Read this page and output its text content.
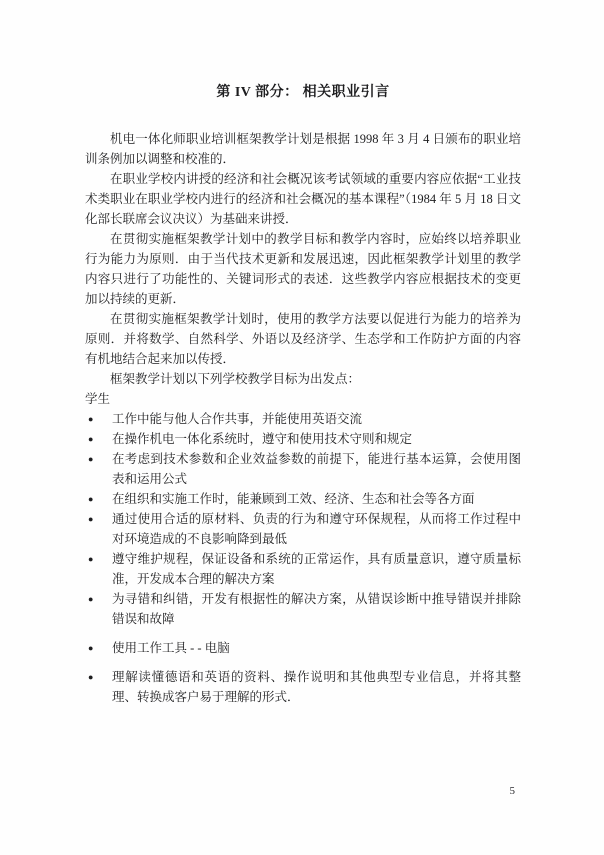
第 IV 部分： 相关职业引言

机电一体化师职业培训框架教学计划是根据 1998 年 3 月 4 日颁布的职业培训条例加以调整和校准的．

在职业学校内讲授的经济和社会概况该考试领域的重要内容应依据“工业技术类职业在职业学校内进行的经济和社会概况的基本课程”（1984 年 5 月 18 日文化部长联席会议决议）为基础来讲授．

在贯彻实施框架教学计划中的教学目标和教学内容时，应始终以培养职业行为能力为原则．由于当代技术更新和发展迅速，因此框架教学计划里的教学内容只进行了功能性的、关键词形式的表述．这些教学内容应根据技术的变更加以持续的更新．

在贯彻实施框架教学计划时，使用的教学方法要以促进行为能力的培养为原则．并将数学、自然科学、外语以及经济学、生态学和工作防护方面的内容有机地结合起来加以传授．

框架教学计划以下列学校教学目标为出发点：

学生

● 工作中能与他人合作共事，并能使用英语交流
● 在操作机电一体化系统时，遵守和使用技术守则和规定
● 在考虑到技术参数和企业效益参数的前提下，能进行基本运算，会使用图表和运用公式
● 在组织和实施工作时，能兼顾到工效、经济、生态和社会等各方面
● 通过使用合适的原材料、负责的行为和遵守环保规程，从而将工作过程中对环境造成的不良影响降到最低
● 遵守维护规程，保证设备和系统的正常运作，具有质量意识，遵守质量标准，开发成本合理的解决方案
● 为寻错和纠错，开发有根据性的解决方案，从错误诊断中推导错误并排除错误和故障
● 使用工作工具 - - 电脑
● 理解读懂德语和英语的资料、操作说明和其他典型专业信息，并将其整理、转换成客户易于理解的形式．
5
